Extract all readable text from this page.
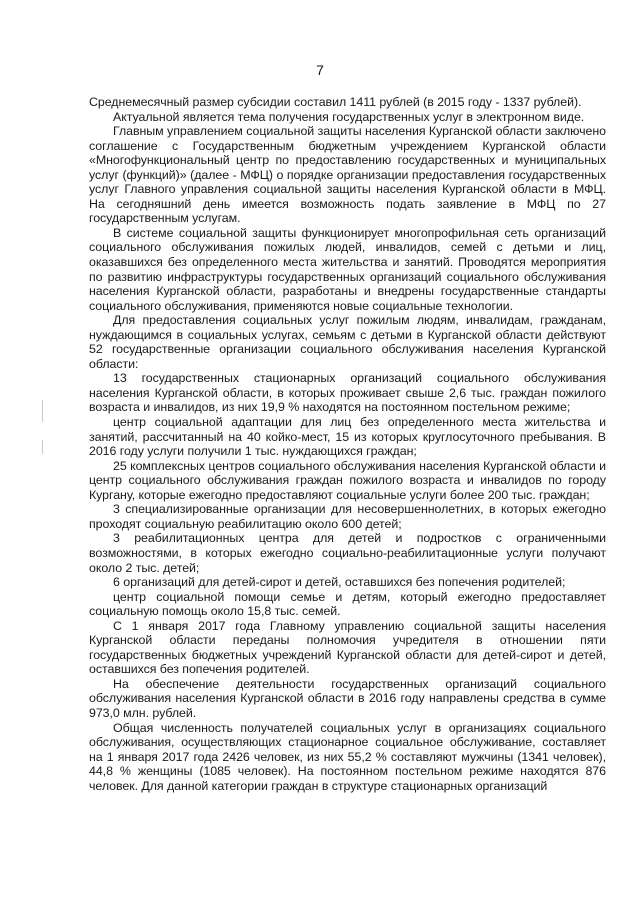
7

Среднемесячный размер субсидии составил 1411 рублей (в 2015 году - 1337 рублей).

Актуальной является тема получения государственных услуг в электронном виде.

Главным управлением социальной защиты населения Курганской области заключено соглашение с Государственным бюджетным учреждением Курганской области «Многофункциональный центр по предоставлению государственных и муниципальных услуг (функций)» (далее - МФЦ) о порядке организации предоставления государственных услуг Главного управления социальной защиты населения Курганской области в МФЦ. На сегодняшний день имеется возможность подать заявление в МФЦ по 27 государственным услугам.

В системе социальной защиты функционирует многопрофильная сеть организаций социального обслуживания пожилых людей, инвалидов, семей с детьми и лиц, оказавшихся без определенного места жительства и занятий. Проводятся мероприятия по развитию инфраструктуры государственных организаций социального обслуживания населения Курганской области, разработаны и внедрены государственные стандарты социального обслуживания, применяются новые социальные технологии.

Для предоставления социальных услуг пожилым людям, инвалидам, гражданам, нуждающимся в социальных услугах, семьям с детьми в Курганской области действуют 52 государственные организации социального обслуживания населения Курганской области:

13 государственных стационарных организаций социального обслуживания населения Курганской области, в которых проживает свыше 2,6 тыс. граждан пожилого возраста и инвалидов, из них 19,9 % находятся на постоянном постельном режиме;

центр социальной адаптации для лиц без определенного места жительства и занятий, рассчитанный на 40 койко-мест, 15 из которых круглосуточного пребывания. В 2016 году услуги получили 1 тыс. нуждающихся граждан;

25 комплексных центров социального обслуживания населения Курганской области и центр социального обслуживания граждан пожилого возраста и инвалидов по городу Кургану, которые ежегодно предоставляют социальные услуги более 200 тыс. граждан;

3 специализированные организации для несовершеннолетних, в которых ежегодно проходят социальную реабилитацию около 600 детей;

3 реабилитационных центра для детей и подростков с ограниченными возможностями, в которых ежегодно социально-реабилитационные услуги получают около 2 тыс. детей;

6 организаций для детей-сирот и детей, оставшихся без попечения родителей;

центр социальной помощи семье и детям, который ежегодно предоставляет социальную помощь около 15,8 тыс. семей.

С 1 января 2017 года Главному управлению социальной защиты населения Курганской области переданы полномочия учредителя в отношении пяти государственных бюджетных учреждений Курганской области для детей-сирот и детей, оставшихся без попечения родителей.

На обеспечение деятельности государственных организаций социального обслуживания населения Курганской области в 2016 году направлены средства в сумме 973,0 млн. рублей.

Общая численность получателей социальных услуг в организациях социального обслуживания, осуществляющих стационарное социальное обслуживание, составляет на 1 января 2017 года 2426 человек, из них 55,2 % составляют мужчины (1341 человек), 44,8 % женщины (1085 человек). На постоянном постельном режиме находятся 876 человек. Для данной категории граждан в структуре стационарных организаций
